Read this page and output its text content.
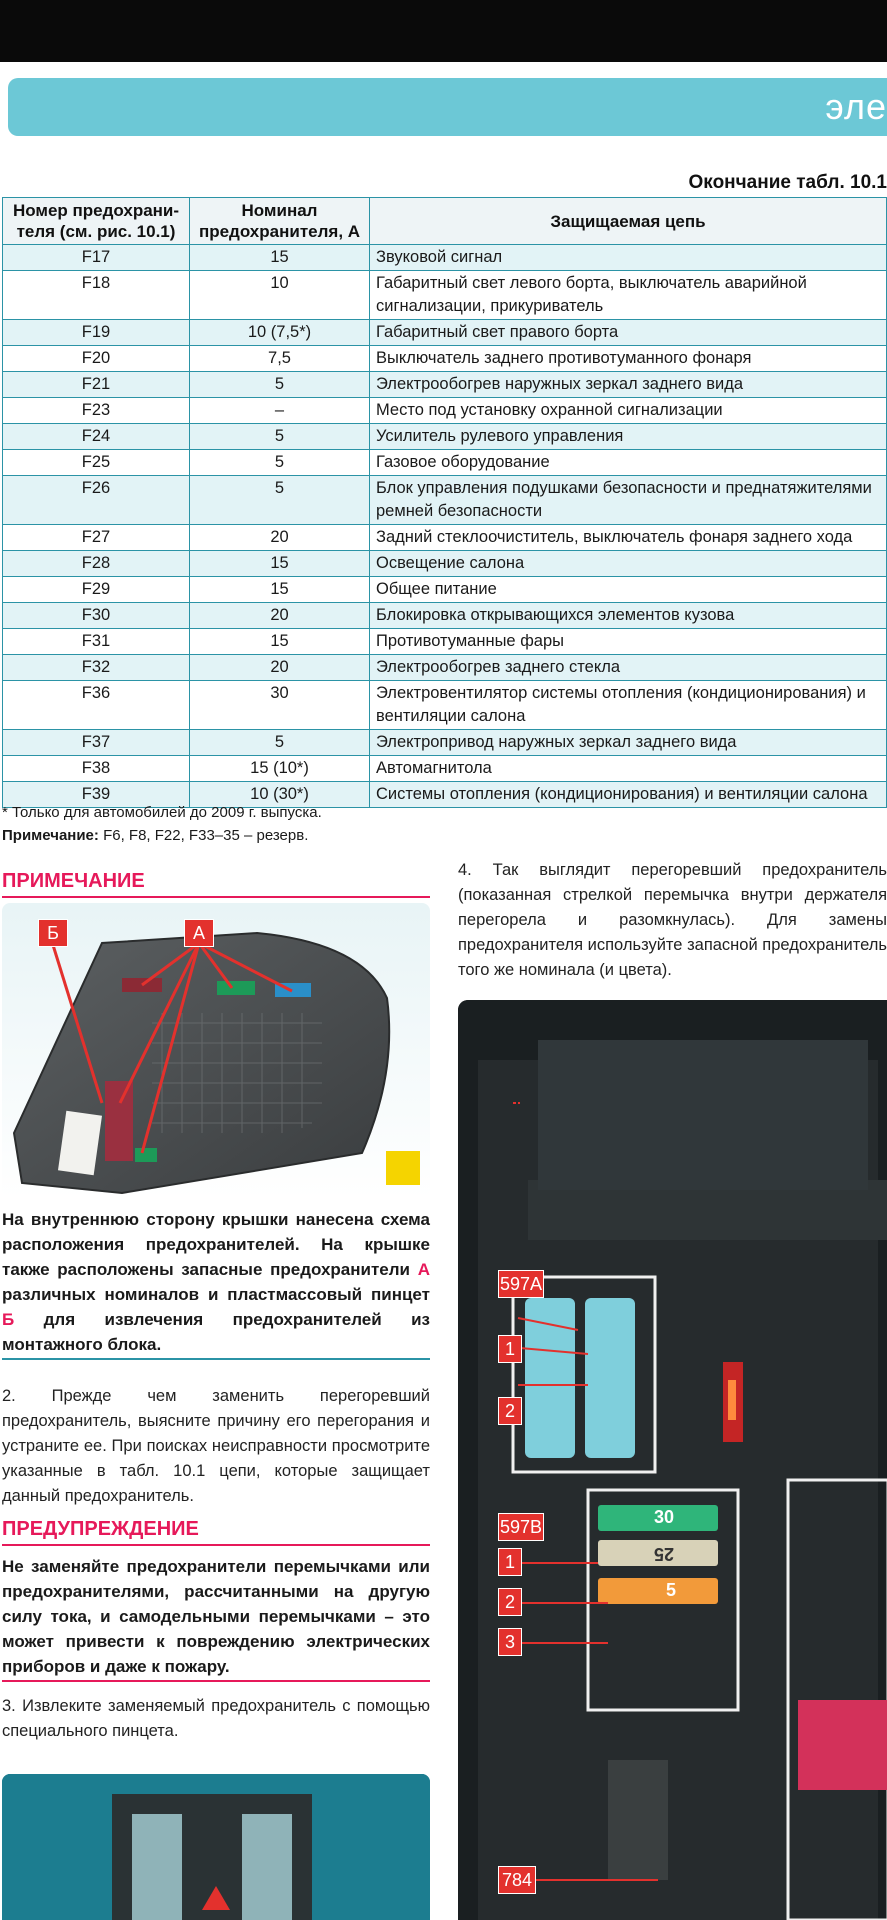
эле
Окончание табл. 10.1
Номер предохрани-
теля (см. рис. 10.1)	Номинал
предохранителя, А	Защищаемая цепь
F17	15	Звуковой сигнал
F18	10	Габаритный свет левого борта, выключатель аварийной сигнализации, прикуриватель
F19	10 (7,5*)	Габаритный свет правого борта
F20	7,5	Выключатель заднего противотуманного фонаря
F21	5	Электрообогрев наружных зеркал заднего вида
F23	–	Место под установку охранной сигнализации
F24	5	Усилитель рулевого управления
F25	5	Газовое оборудование
F26	5	Блок управления подушками безопасности и преднатяжителями ремней безопасности
F27	20	Задний стеклоочиститель, выключатель фонаря заднего хода
F28	15	Освещение салона
F29	15	Общее питание
F30	20	Блокировка открывающихся элементов кузова
F31	15	Противотуманные фары
F32	20	Электрообогрев заднего стекла
F36	30	Электровентилятор системы отопления (кондиционирования) и вентиляции салона
F37	5	Электропривод наружных зеркал заднего вида
F38	15 (10*)	Автомагнитола
F39	10 (30*)	Системы отопления (кондиционирования) и вентиляции салона
* Только для автомобилей до 2009 г. выпуска.
Примечание: F6, F8, F22, F33–35 – резерв.
ПРИМЕЧАНИЕ
Б	А
На внутреннюю сторону крышки нанесена схема расположения предохранителей. На крышке также расположены запасные предохранители А различных номиналов и пластмассовый пинцет Б для извлечения предохранителей из монтажного блока.
2. Прежде чем заменить перегоревший предохранитель, выясните причину его перегорания и устраните ее. При поисках неисправности просмотрите указанные в табл. 10.1 цепи, которые защищает данный предохранитель.
ПРЕДУПРЕЖДЕНИЕ
Не заменяйте предохранители перемычками или предохранителями, рассчитанными на другую силу тока, и самодельными перемычками – это может привести к повреждению электрических приборов и даже к пожару.
3. Извлеките заменяемый предохранитель с помощью специального пинцета.
4. Так выглядит перегоревший предохранитель (показанная стрелкой перемычка внутри держателя перегорела и разомкнулась). Для замены предохранителя используйте запасной предохранитель того же номинала (и цвета).
597A
1
2
597B
1
2
3
784
30
25
5
